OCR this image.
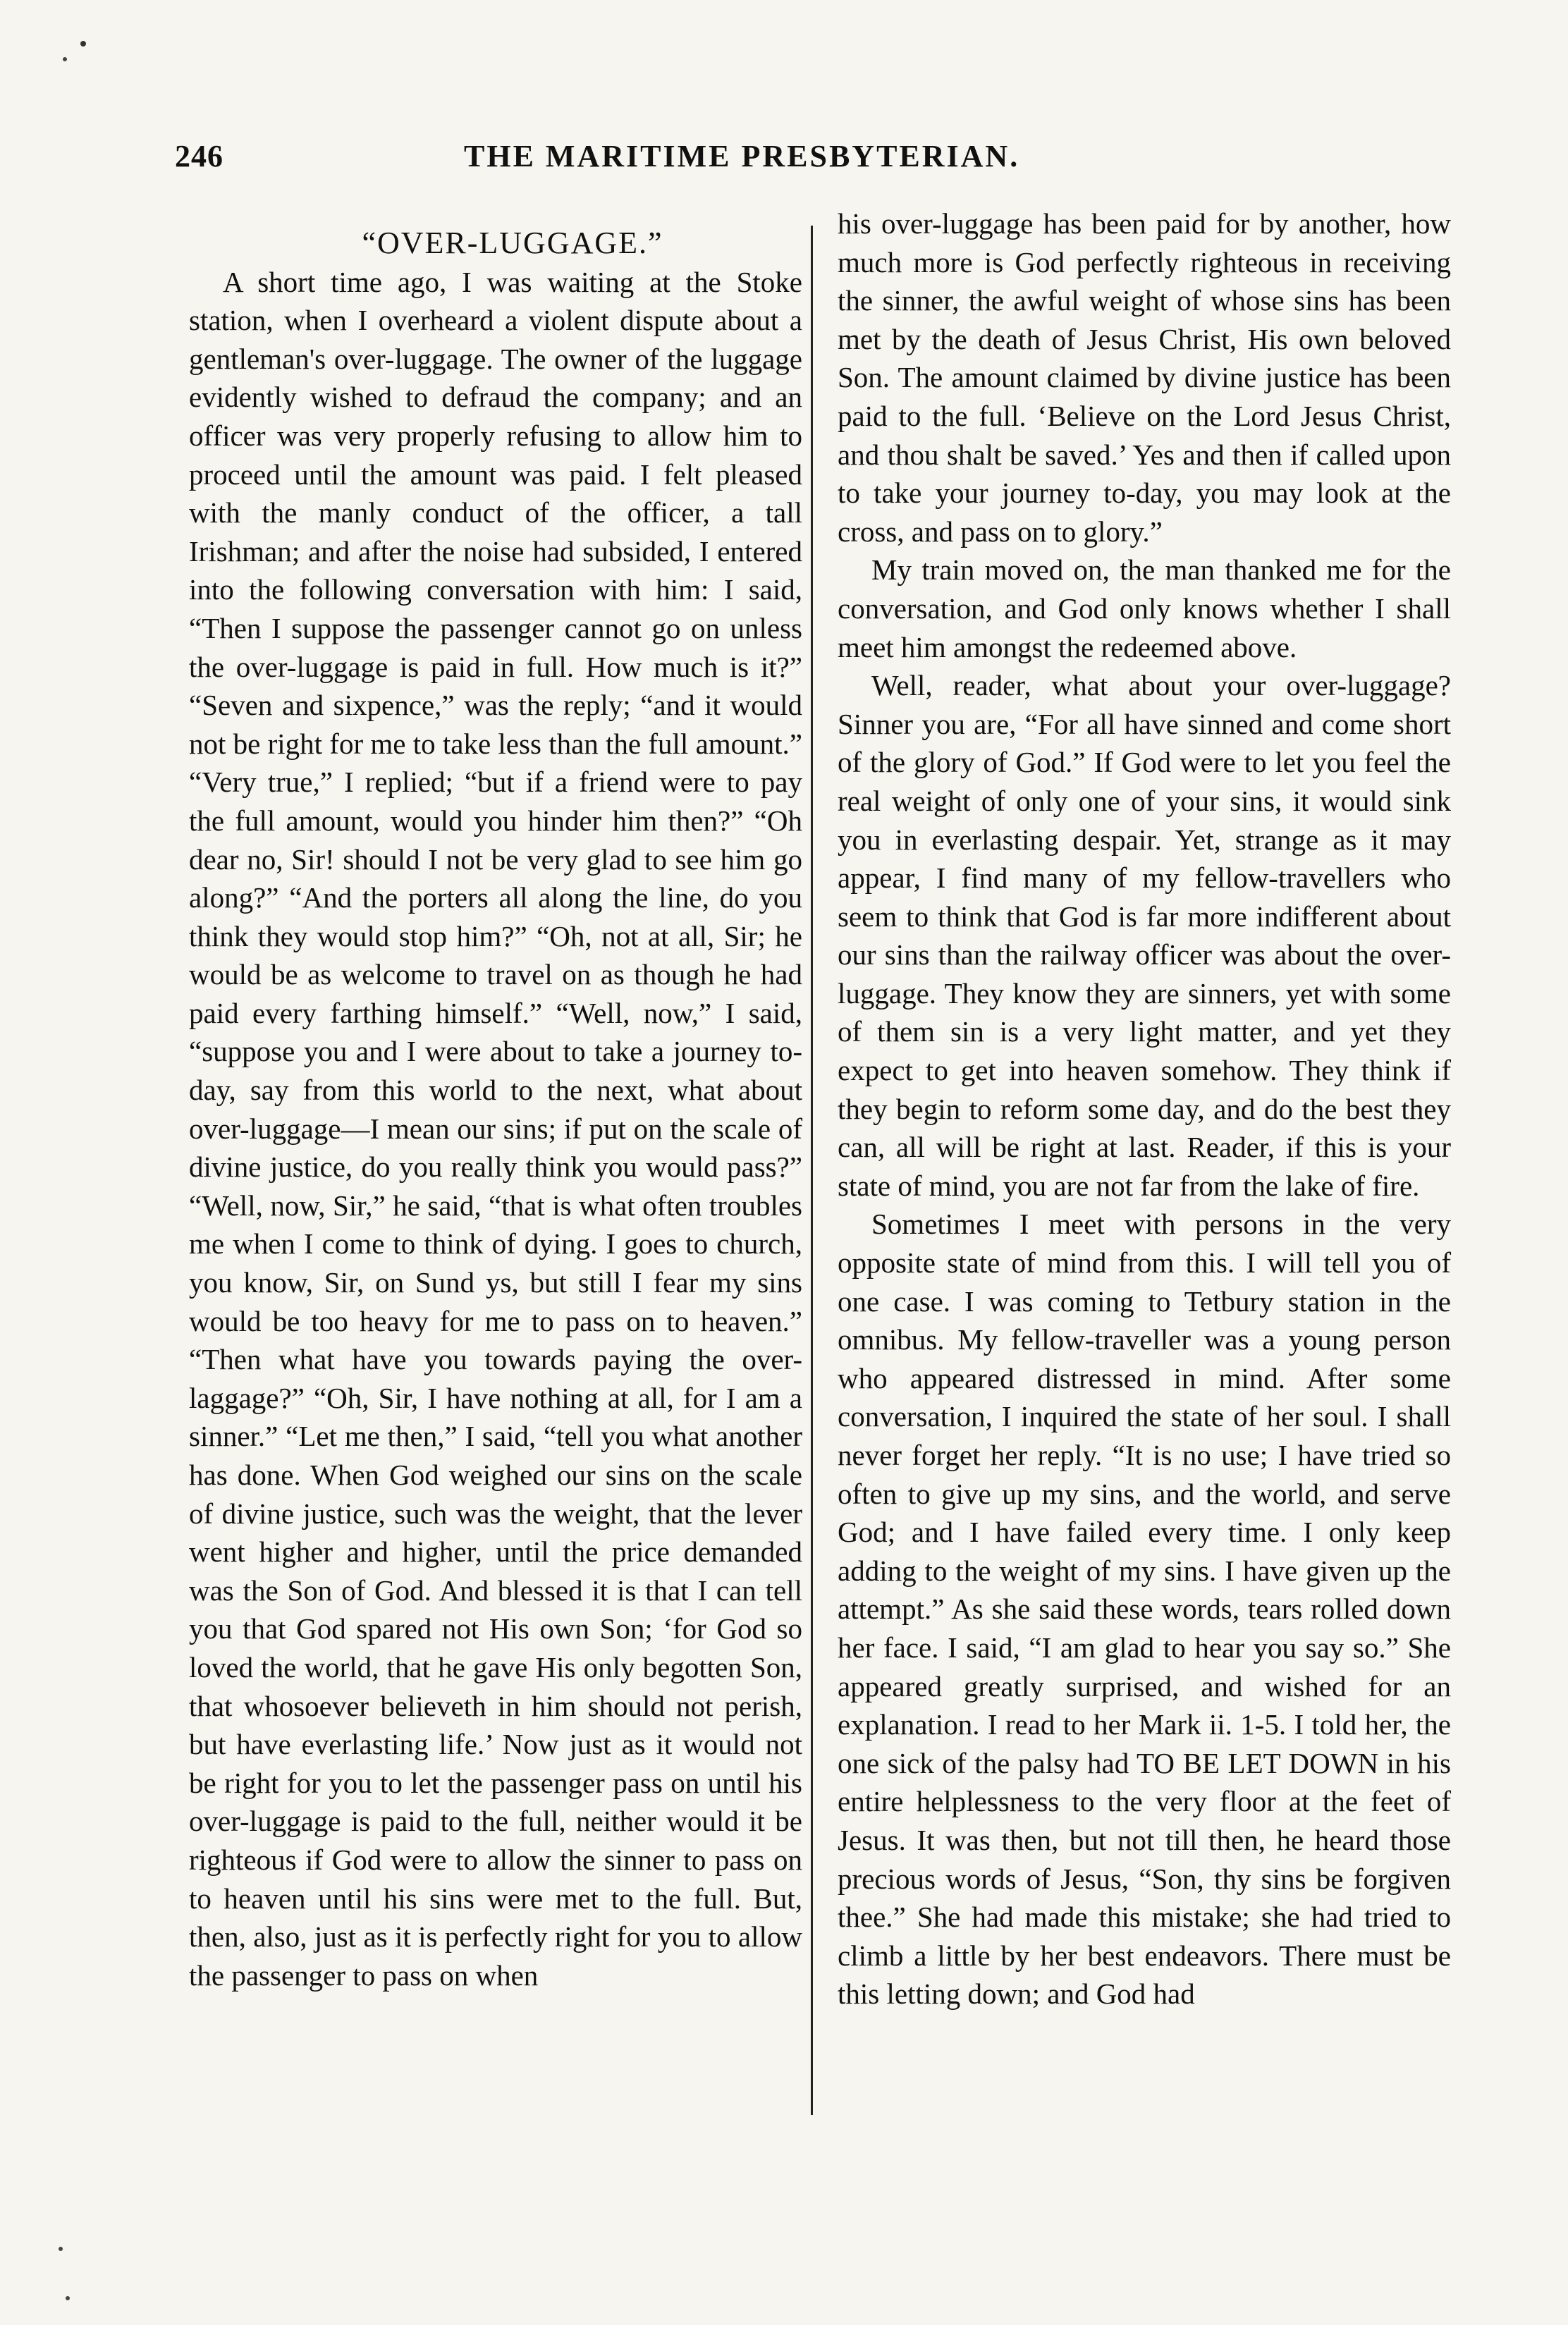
246	THE MARITIME PRESBYTERIAN.

“OVER-LUGGAGE.”

A short time ago, I was waiting at the Stoke station, when I overheard a violent dispute about a gentleman's over-luggage. The owner of the luggage evidently wished to defraud the company; and an officer was very properly refusing to allow him to proceed until the amount was paid. I felt pleased with the manly conduct of the officer, a tall Irishman; and after the noise had subsided, I entered into the following conversation with him: I said, “Then I suppose the passenger cannot go on unless the over-luggage is paid in full. How much is it?” “Seven and sixpence,” was the reply; “and it would not be right for me to take less than the full amount.” “Very true,” I replied; “but if a friend were to pay the full amount, would you hinder him then?” “Oh dear no, Sir! should I not be very glad to see him go along?” “And the porters all along the line, do you think they would stop him?” “Oh, not at all, Sir; he would be as welcome to travel on as though he had paid every farthing himself.” “Well, now,” I said, “suppose you and I were about to take a journey to-day, say from this world to the next, what about over-luggage—I mean our sins; if put on the scale of divine justice, do you really think you would pass?” “Well, now, Sir,” he said, “that is what often troubles me when I come to think of dying. I goes to church, you know, Sir, on Sund ys, but still I fear my sins would be too heavy for me to pass on to heaven.” “Then what have you towards paying the over-laggage?” “Oh, Sir, I have nothing at all, for I am a sinner.” “Let me then,” I said, “tell you what another has done. When God weighed our sins on the scale of divine justice, such was the weight, that the lever went higher and higher, until the price demanded was the Son of God. And blessed it is that I can tell you that God spared not His own Son; ‘for God so loved the world, that he gave His only begotten Son, that whosoever believeth in him should not perish, but have everlasting life.’ Now just as it would not be right for you to let the passenger pass on until his over-luggage is paid to the full, neither would it be righteous if God were to allow the sinner to pass on to heaven until his sins were met to the full. But, then, also, just as it is perfectly right for you to allow the passenger to pass on when

his over-luggage has been paid for by another, how much more is God perfectly righteous in receiving the sinner, the awful weight of whose sins has been met by the death of Jesus Christ, His own beloved Son. The amount claimed by divine justice has been paid to the full. ‘Believe on the Lord Jesus Christ, and thou shalt be saved.’ Yes and then if called upon to take your journey to-day, you may look at the cross, and pass on to glory.”

My train moved on, the man thanked me for the conversation, and God only knows whether I shall meet him amongst the redeemed above.

Well, reader, what about your over-luggage? Sinner you are, “For all have sinned and come short of the glory of God.” If God were to let you feel the real weight of only one of your sins, it would sink you in everlasting despair. Yet, strange as it may appear, I find many of my fellow-travellers who seem to think that God is far more indifferent about our sins than the railway officer was about the over-luggage. They know they are sinners, yet with some of them sin is a very light matter, and yet they expect to get into heaven somehow. They think if they begin to reform some day, and do the best they can, all will be right at last. Reader, if this is your state of mind, you are not far from the lake of fire.

Sometimes I meet with persons in the very opposite state of mind from this. I will tell you of one case. I was coming to Tetbury station in the omnibus. My fellow-traveller was a young person who appeared distressed in mind. After some conversation, I inquired the state of her soul. I shall never forget her reply. “It is no use; I have tried so often to give up my sins, and the world, and serve God; and I have failed every time. I only keep adding to the weight of my sins. I have given up the attempt.” As she said these words, tears rolled down her face. I said, “I am glad to hear you say so.” She appeared greatly surprised, and wished for an explanation. I read to her Mark ii. 1-5. I told her, the one sick of the palsy had TO BE LET DOWN in his entire helplessness to the very floor at the feet of Jesus. It was then, but not till then, he heard those precious words of Jesus, “Son, thy sins be forgiven thee.” She had made this mistake; she had tried to climb a little by her best endeavors. There must be this letting down; and God had
